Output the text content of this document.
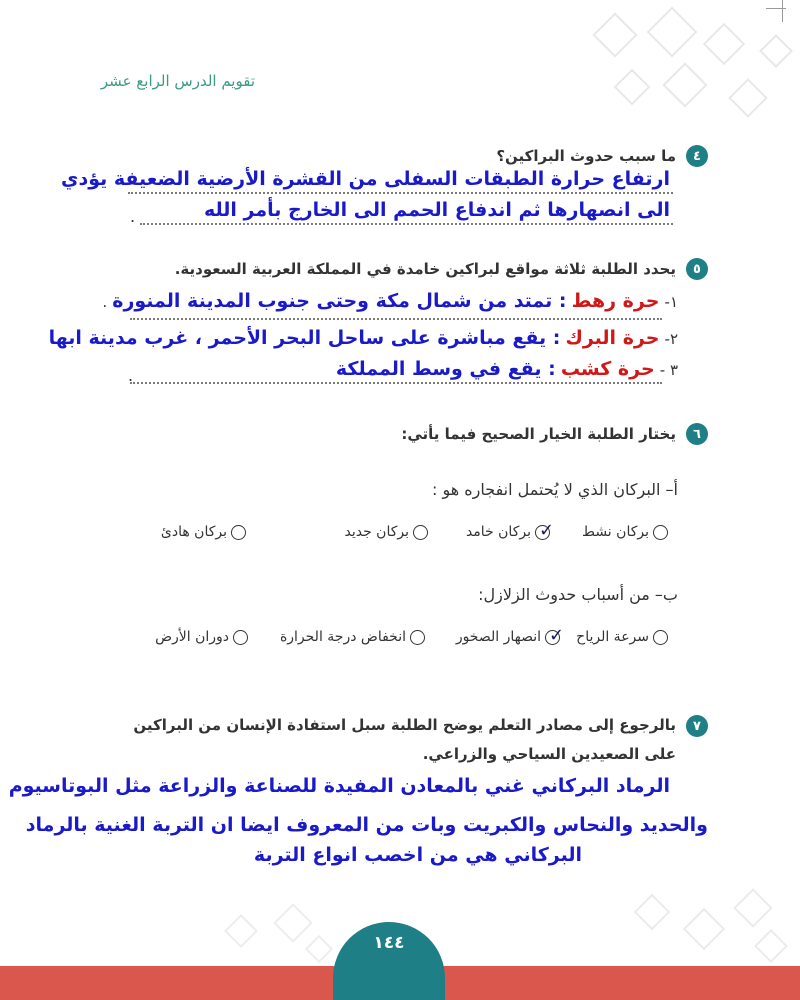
تقويم الدرس الرابع عشر
٤
ما سبب حدوث البراكين؟
ارتفاع حرارة الطبقات السفلى من القشرة الأرضية الضعيفة يؤدي
الى انصهارها ثم اندفاع الحمم الى الخارج بأمر الله
.
٥
يحدد الطلبة ثلاثة مواقع لبراكين خامدة في المملكة العربية السعودية.
١- حرة رهط : تمتد من شمال مكة وحتى جنوب المدينة المنورة .
٢- حرة البرك : يقع مباشرة على ساحل البحر الأحمر ، غرب مدينة ابها
٣ - حرة كشب : يقع في وسط المملكة
.
٦
يختار الطلبة الخيار الصحيح فيما يأتي:
أ– البركان الذي لا يُحتمل انفجاره هو :
بركان نشط
✓
بركان خامد
بركان جديد
بركان هادئ
ب– من أسباب حدوث الزلازل:
سرعة الرياح
✓
انصهار الصخور
انخفاض درجة الحرارة
دوران الأرض
٧
بالرجوع إلى مصادر التعلم يوضح الطلبة سبل استفادة الإنسان من البراكين
على الصعيدين السياحي والزراعي.
الرماد البركاني غني بالمعادن المفيدة للصناعة والزراعة مثل البوتاسيوم
والحديد والنحاس والكبريت وبات من المعروف ايضا ان التربة الغنية بالرماد
البركاني هي من اخصب انواع التربة
١٤٤
